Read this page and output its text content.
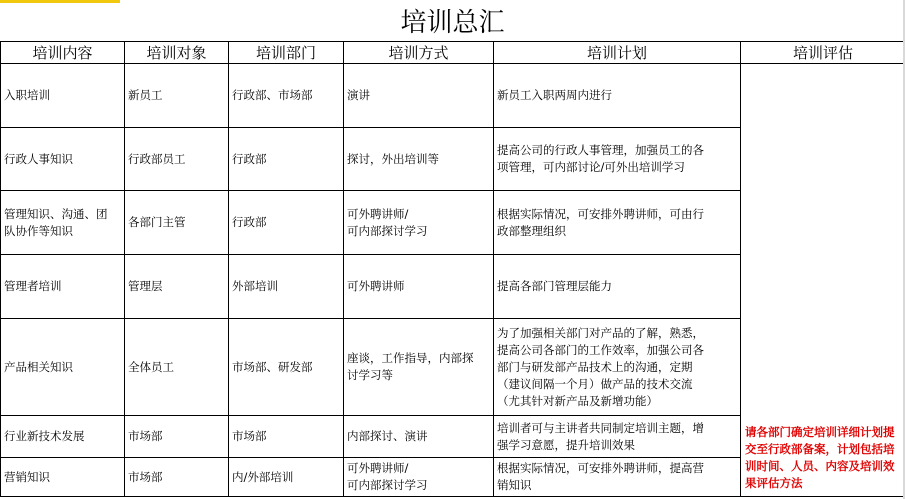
培训总汇
培训内容	培训对象	培训部门	培训方式	培训计划	培训评估
入职培训	新员工	行政部、市场部	演讲	新员工入职两周内进行	请各部门确定培训详细计划提交至行政部备案，计划包括培训时间、人员、内容及培训效果评估方法
行政人事知识	行政部员工	行政部	探讨，外出培训等	提高公司的行政人事管理，加强员工的各
项管理，可内部讨论/可外出培训学习	
管理知识、沟通、团
队协作等知识	各部门主管	行政部	可外聘讲师/
可内部探讨学习	根据实际情况，可安排外聘讲师，可由行
政部整理组织	
管理者培训	管理层	外部培训	可外聘讲师	提高各部门管理层能力	
产品相关知识	全体员工	市场部、研发部	座谈，工作指导，内部探
讨学习等	为了加强相关部门对产品的了解，熟悉，
提高公司各部门的工作效率，加强公司各
部门与研发部产品技术上的沟通，定期
（建议间隔一个月）做产品的技术交流
（尤其针对新产品及新增功能）	
行业新技术发展	市场部	市场部	内部探讨、演讲	培训者可与主讲者共同制定培训主题，增
强学习意愿，提升培训效果	
营销知识	市场部	内/外部培训	可外聘讲师/
可内部探讨学习	根据实际情况，可安排外聘讲师，提高营
销知识	
